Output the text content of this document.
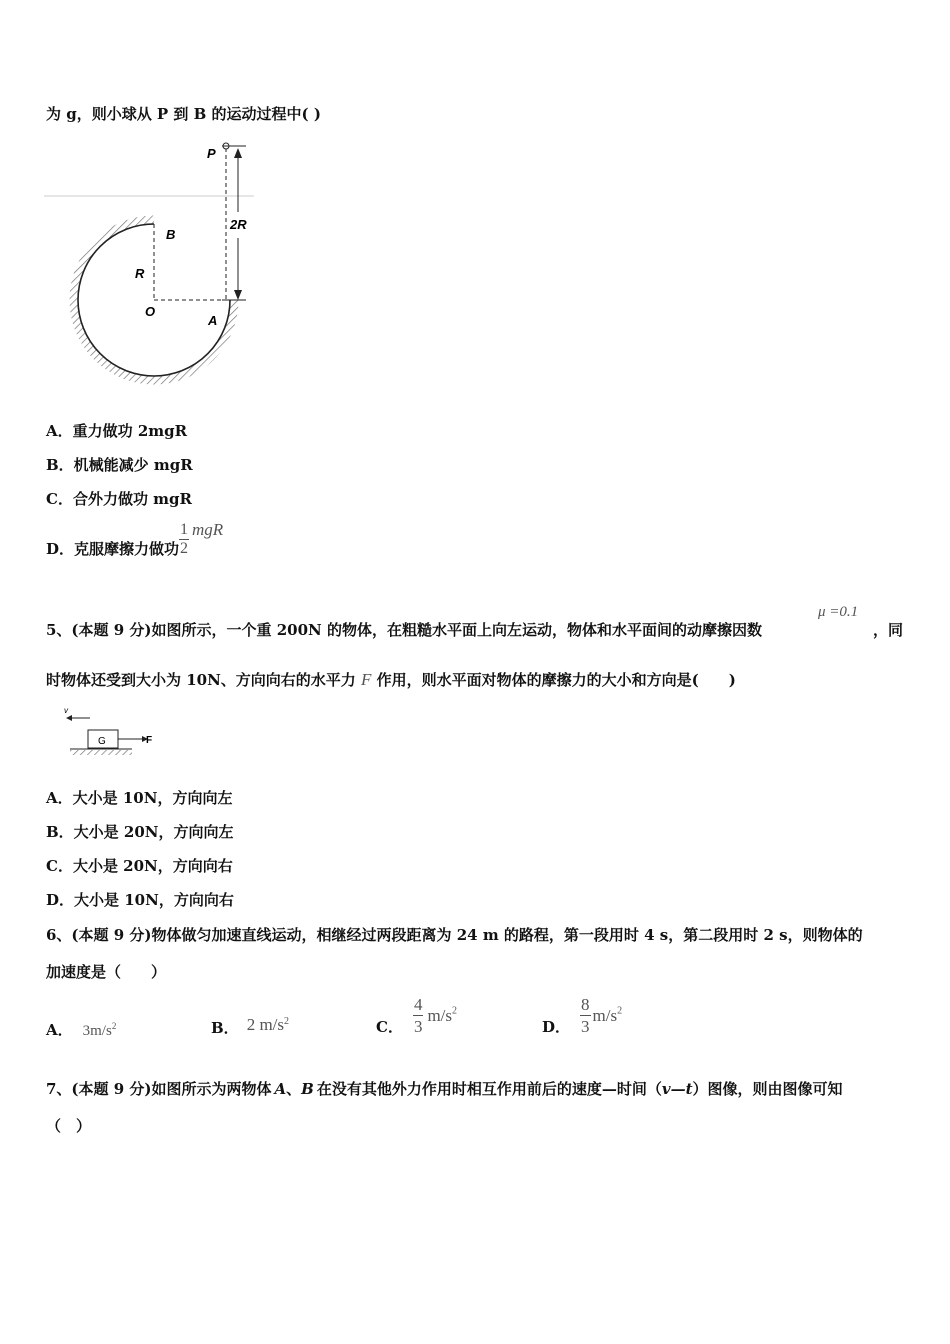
为 g，则小球从 P 到 B 的运动过程中( )
P
2R
B
R
O
A
A．重力做功 2mgR
B．机械能减少 mgR
C．合外力做功 mgR
D．克服摩擦力做功 $\frac{1}{2}$ mgR
5、(本题 9 分)如图所示，一个重 200N 的物体，在粗糙水平面上向左运动，物体和水平面间的动摩擦因数
μ =0.1
，同
时物体还受到大小为 10N、方向向右的水平力 F 作用，则水平面对物体的摩擦力的大小和方向是(　　)
v
G	F
A．大小是 10N，方向向左
B．大小是 20N，方向向左
C．大小是 20N，方向向右
D．大小是 10N，方向向右
6、(本题 9 分)物体做匀加速直线运动，相继经过两段距离为 24 m 的路程，第一段用时 4 s，第二段用时 2 s，则物体的
加速度是（　　）
A． $3m/s^2$	B． 2 $m/s^2$	C． $\frac{4}{3} m/s^2$
D． $\frac{8}{3} m/s^2$
7、(本题 9 分)如图所示为两物体 A、B 在没有其他外力作用时相互作用前后的速度—时间（v—t）图像，则由图像可知
（　）
